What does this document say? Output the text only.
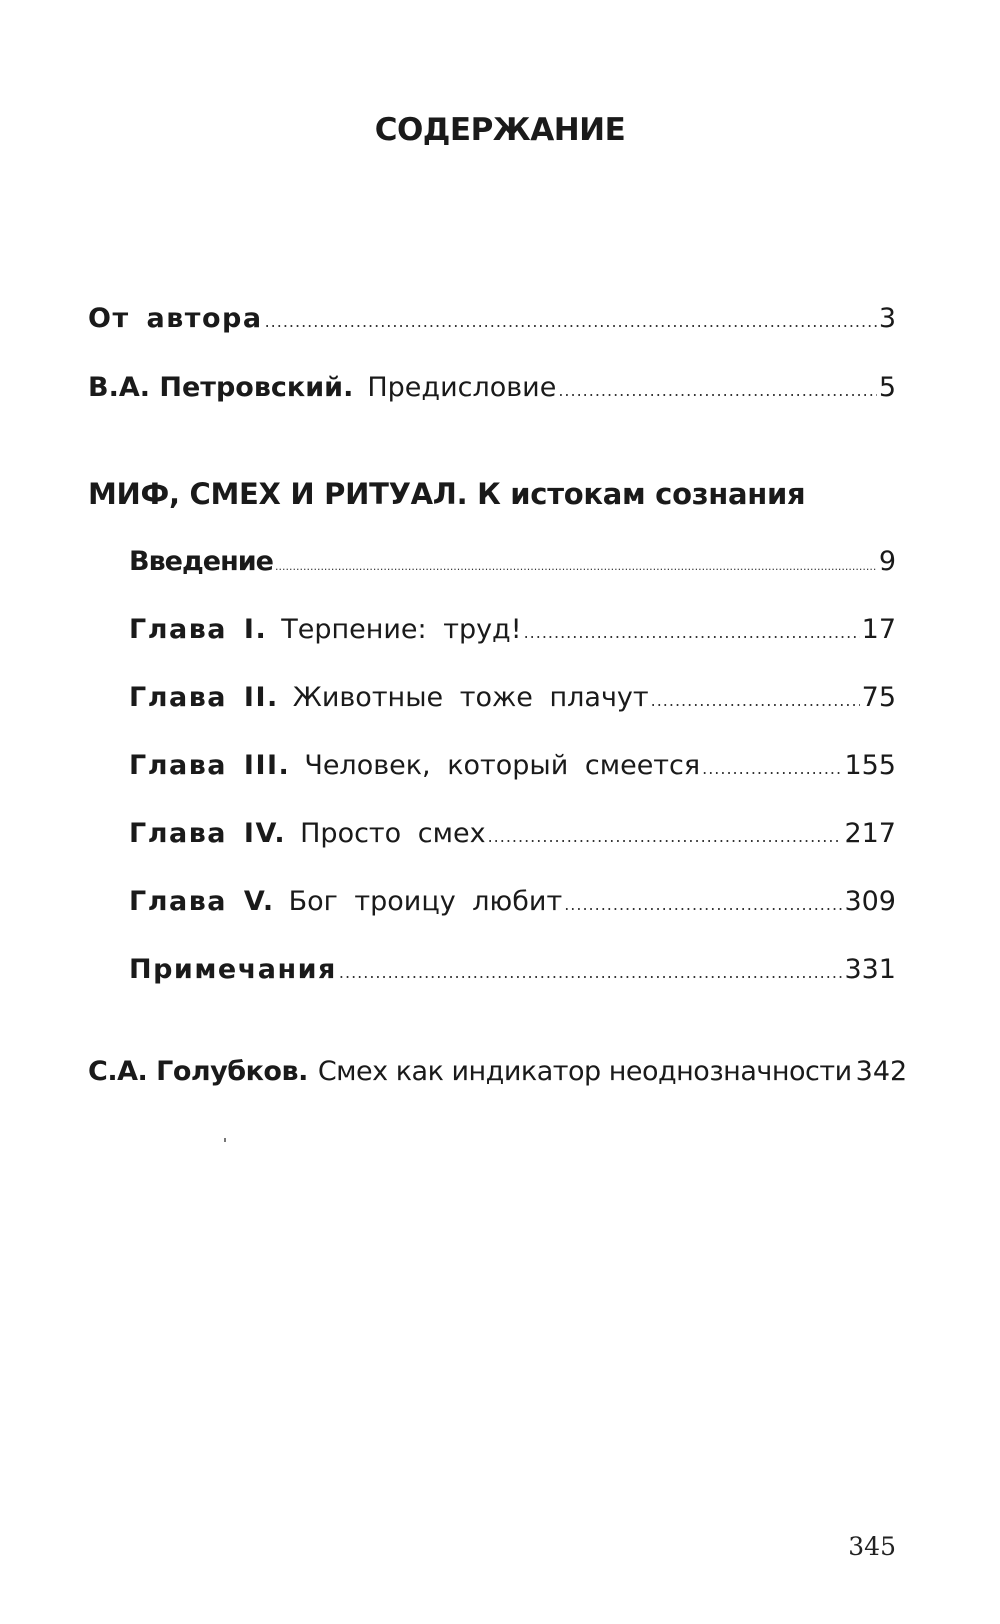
СОДЕРЖАНИЕ
От автора .....	3
В.А. Петровский. Предисловие .....	5
МИФ, СМЕХ И РИТУАЛ. К истокам сознания
Введение .....	9
Глава I. Терпение: труд! .....	17
Глава II. Животные тоже плачут .....	75
Глава III. Человек, который смеется .....	155
Глава IV. Просто смех .....	217
Глава V. Бог троицу любит .....	309
Примечания .....	331
С.А. Голубков. Смех как индикатор неоднозначности 342
345
